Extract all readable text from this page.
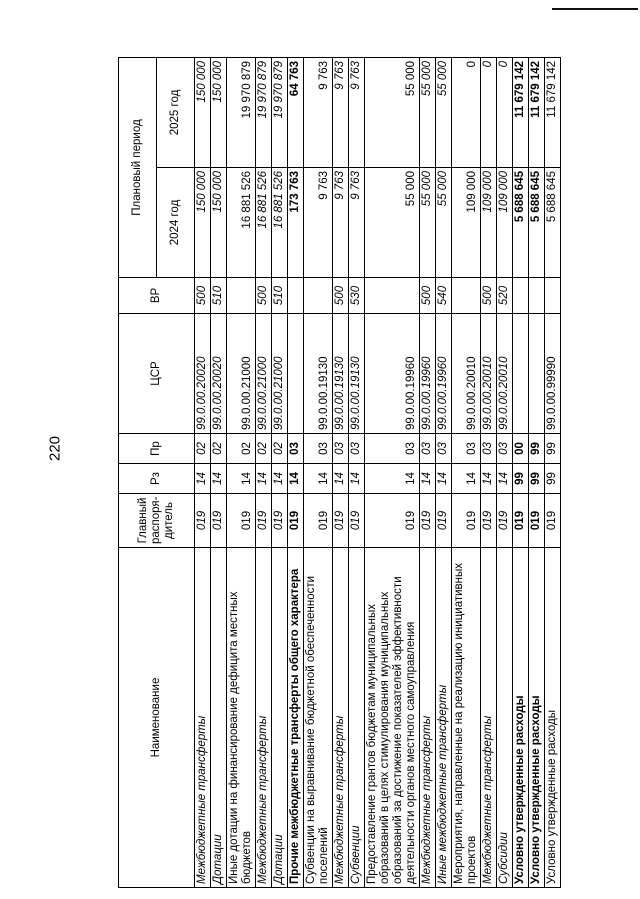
220
Наименование	Главный распоря-дитель	Рз	Пр	ЦСР	ВР	Плановый период	
						2024 год	2025 год
Межбюджетные трансферты	019	14	02	99.0.00.20020	500	150 000	150 000
Дотации	019	14	02	99.0.00.20020	510	150 000	150 000
Иные дотации на финансирование дефицита местных бюджетов	019	14	02	99.0.00.21000		16 881 526	19 970 879
Межбюджетные трансферты	019	14	02	99.0.00.21000	500	16 881 526	19 970 879
Дотации	019	14	02	99.0.00.21000	510	16 881 526	19 970 879
Прочие межбюджетные трансферты общего характера	019	14	03			173 763	64 763
Субвенции на выравнивание бюджетной обеспеченности поселений	019	14	03	99.0.00.19130		9 763	9 763
Межбюджетные трансферты	019	14	03	99.0.00.19130	500	9 763	9 763
Субвенции	019	14	03	99.0.00.19130	530	9 763	9 763
Предоставление грантов бюджетам муниципальных образований в целях стимулирования муниципальных образований за достижение показателей эффективности деятельности органов местного самоуправления	019	14	03	99.0.00.19960		55 000	55 000
Межбюджетные трансферты	019	14	03	99.0.00.19960	500	55 000	55 000
Иные межбюджетные трансферты	019	14	03	99.0.00.19960	540	55 000	55 000
Мероприятия, направленные на реализацию инициативных проектов	019	14	03	99.0.00.20010		109 000	0
Межбюджетные трансферты	019	14	03	99.0.00.20010	500	109 000	0
Субсидии	019	14	03	99.0.00.20010	520	109 000	0
Условно утвержденные расходы	019	99	00			5 688 645	11 679 142
Условно утвержденные расходы	019	99	99			5 688 645	11 679 142
Условно утвержденные расходы	019	99	99	99.0.00.99990		5 688 645	11 679 142
